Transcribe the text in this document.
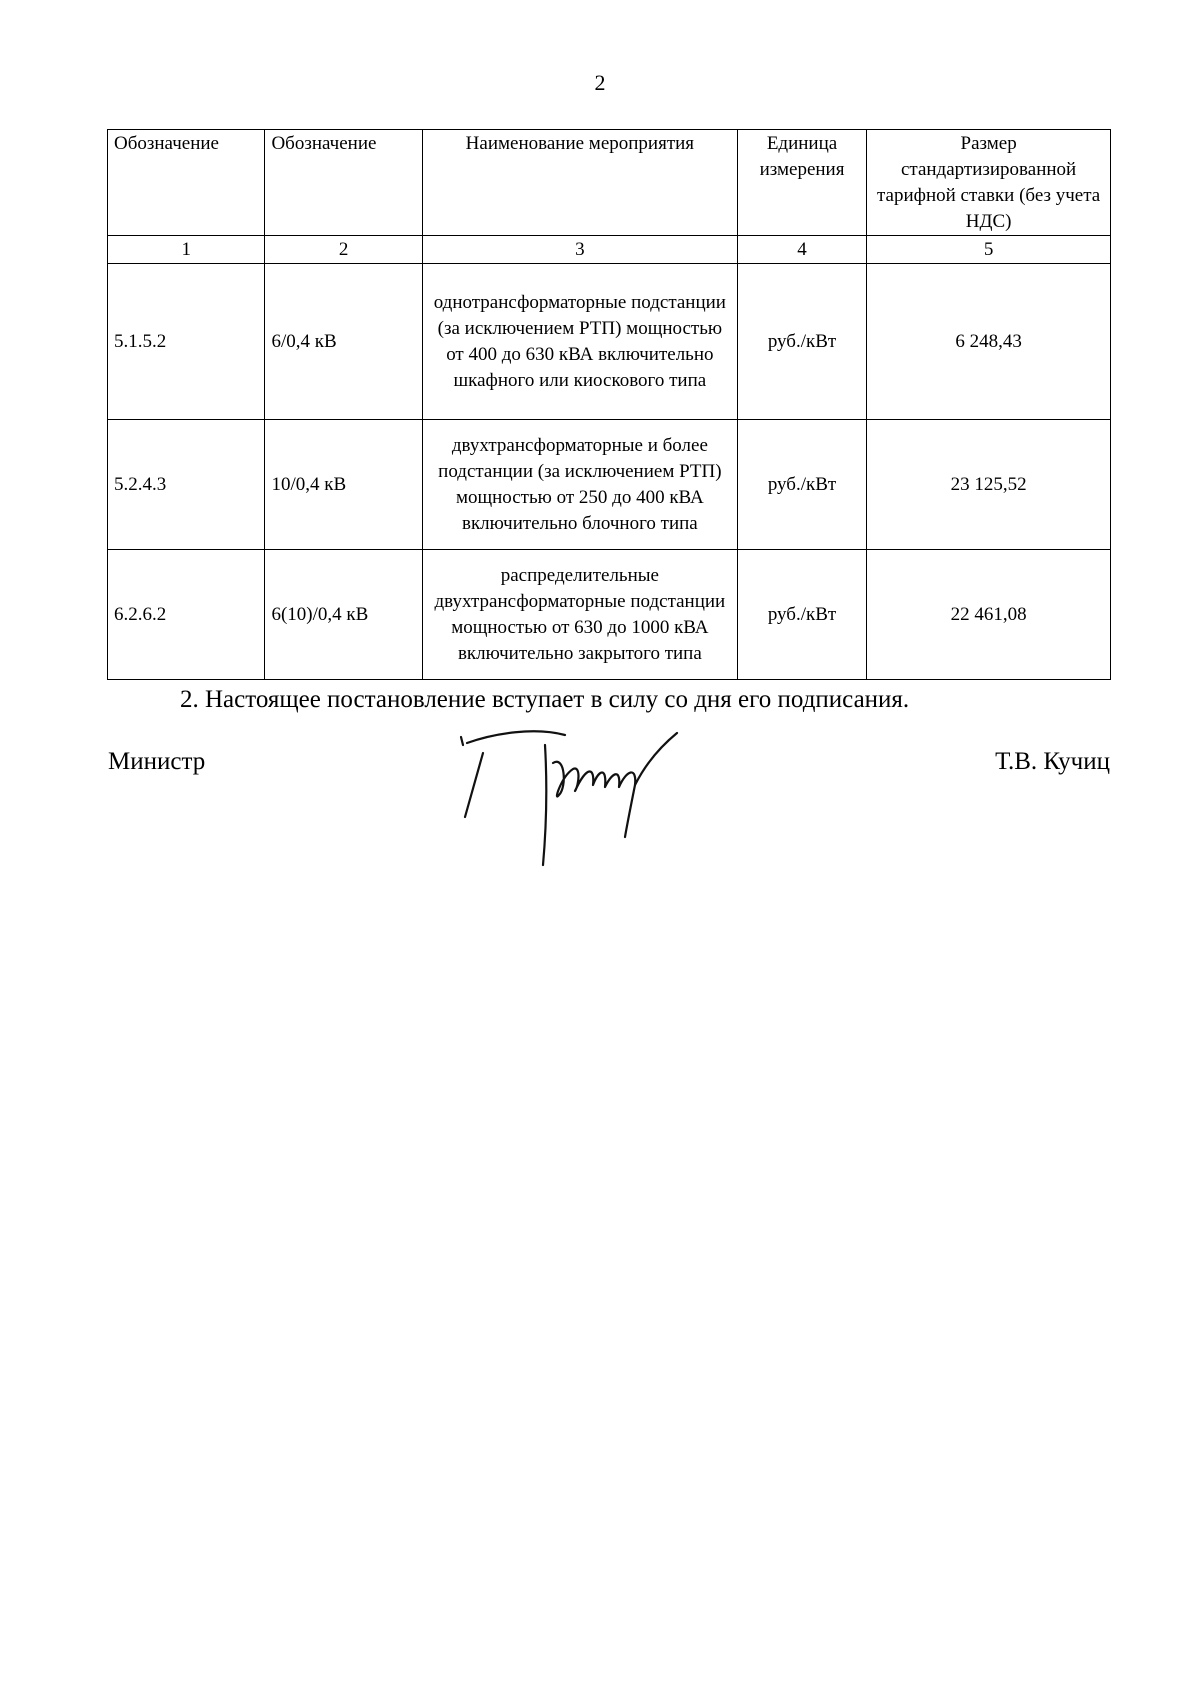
2
Обозначение	Обозначение	Наименование мероприятия	Единица измерения	Размер стандартизированной тарифной ставки (без учета НДС)
1	2	3	4	5
5.1.5.2	6/0,4 кВ	однотрансформаторные подстанции (за исключением РТП) мощностью от 400 до 630 кВА включительно шкафного или киоскового типа	руб./кВт	6 248,43
5.2.4.3	10/0,4 кВ	двухтрансформаторные и более подстанции (за исключением РТП) мощностью от 250 до 400 кВА включительно блочного типа	руб./кВт	23 125,52
6.2.6.2	6(10)/0,4 кВ	распределительные двухтрансформаторные подстанции мощностью от 630 до 1000 кВА включительно закрытого типа	руб./кВт	22 461,08
2. Настоящее постановление вступает в силу со дня его подписания.
Министр	Т.В. Кучиц
